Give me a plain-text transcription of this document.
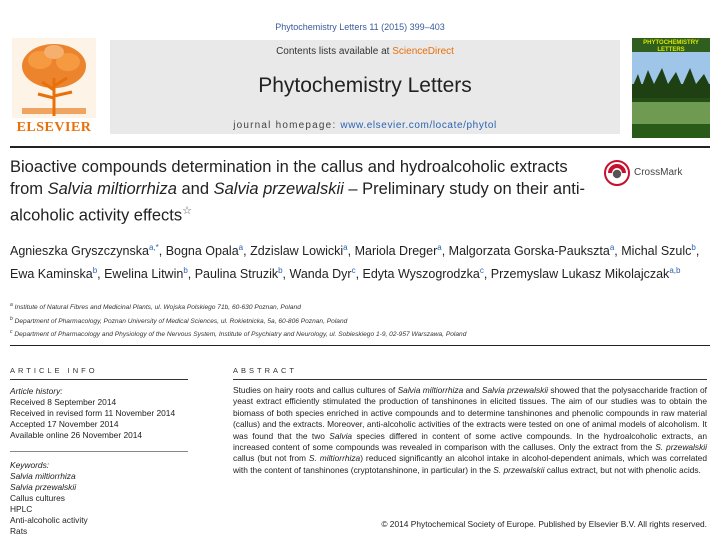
Phytochemistry Letters 11 (2015) 399–403
ELSEVIER
Contents lists available at ScienceDirect
Phytochemistry Letters
journal homepage: www.elsevier.com/locate/phytol
PHYTOCHEMISTRY LETTERS
Bioactive compounds determination in the callus and hydroalcoholic extracts from Salvia miltiorrhiza and Salvia przewalskii – Preliminary study on their anti-alcoholic activity effects☆
CrossMark
Agnieszka Gryszczynska$^{a,*}$, Bogna Opala$^a$, Zdzislaw Lowicki$^a$, Mariola Dreger$^a$, Malgorzata Gorska-Paukszta$^a$, Michal Szulc$^b$, Ewa Kaminska$^b$, Ewelina Litwin$^b$, Paulina Struzik$^b$, Wanda Dyr$^c$, Edyta Wyszogrodzka$^c$, Przemyslaw Lukasz Mikolajczak$^{a,b}$
$^a$ Institute of Natural Fibres and Medicinal Plants, ul. Wojska Polskiego 71b, 60-630 Poznan, Poland
$^b$ Department of Pharmacology, Poznan University of Medical Sciences, ul. Rokietnicka, 5a, 60-806 Poznan, Poland
$^c$ Department of Pharmacology and Physiology of the Nervous System, Institute of Psychiatry and Neurology, ul. Sobieskiego 1-9, 02-957 Warszawa, Poland
ARTICLE INFO	ABSTRACT
Article history:
Received 8 September 2014
Received in revised form 11 November 2014
Accepted 17 November 2014
Available online 26 November 2014
Keywords:
Salvia miltiorrhiza
Salvia przewalskii
Callus cultures
HPLC
Anti-alcoholic activity
Rats
Studies on hairy roots and callus cultures of Salvia miltiorrhiza and Salvia przewalskii showed that the polysaccharide fraction of yeast extract efficiently stimulated the production of tanshinones in elicited tissues. The aim of our studies was to obtain the biomass of both species enriched in active compounds and to determine tanshinones and phenolic compounds in raw material (callus) and the extracts. Moreover, anti-alcoholic activities of the extracts were tested on one of animal models of alcoholism. It was found that the two Salvia species differed in content of some active compounds. In the hydroalcoholic extracts, an increased content of some compounds was revealed in comparison with the calluses. Only the extract from the S. przewalskii callus (but not from S. miltiorrhiza) reduced significantly an alcohol intake in alcohol-dependent animals, which was correlated with the content of tanshinones (cryptotanshinone, in particular) in the S. przewalskii callus extract, but not with phenolic acids.
© 2014 Phytochemical Society of Europe. Published by Elsevier B.V. All rights reserved.
